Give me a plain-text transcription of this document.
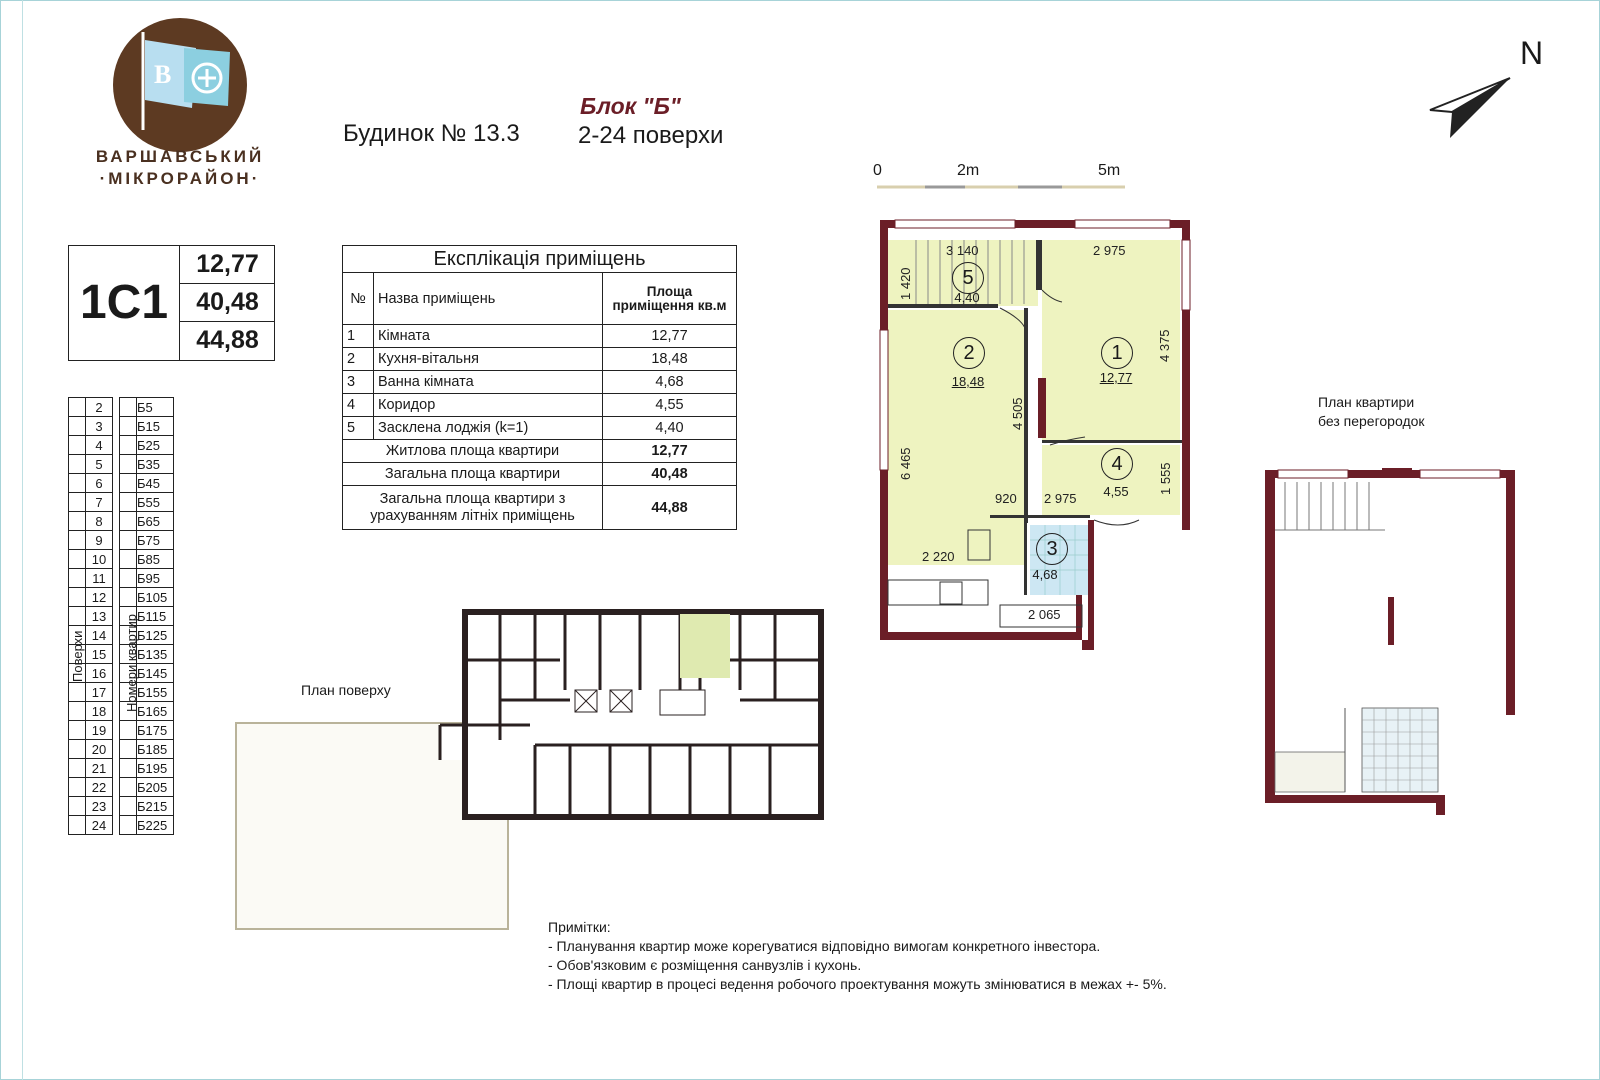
В
ВАРШАВСЬКИЙ
·МІКРОРАЙОН·
Будинок № 13.3
Блок "Б"
2-24 поверхи
1С1
12,77
40,48
44,88
Експлікація приміщень		
№	Назва приміщень	Площа приміщення кв.м
1	Кімната	12,77
2	Кухня-вітальня	18,48
3	Ванна кімната	4,68
4	Коридор	4,55
5	Засклена лоджія (k=1)	4,40
Житлова площа квартири		12,77
Загальна площа квартири		40,48
Загальна площа квартири з урахуванням літніх приміщень		44,88
	2			Б5
	3			Б15
	4			Б25
	5			Б35
	6			Б45
	7			Б55
	8			Б65
	9			Б75
	10			Б85
	11			Б95
	12			Б105
	13			Б115
	14			Б125
	15			Б135
	16			Б145
	17			Б155
	18			Б165
	19			Б175
	20			Б185
	21			Б195
	22			Б205
	23			Б215
	24			Б225
Поверхи	Номери квартир	План поверху
План квартири
без перегородок
0	2m	5m
N
5
4,40
1
12,77
2
18,48
4
4,55
3
4,68
3 140	2 975
1 420
4 375
4 505
6 465
920 2 975
1 555
2 220
2 065
Примітки:
- Планування квартир може корегуватися відповідно вимогам конкретного інвестора.
- Обов'язковим є розміщення санвузлів і кухонь.
- Площі квартир в процесі ведення робочого проектування можуть змінюватися в межах +- 5%.
